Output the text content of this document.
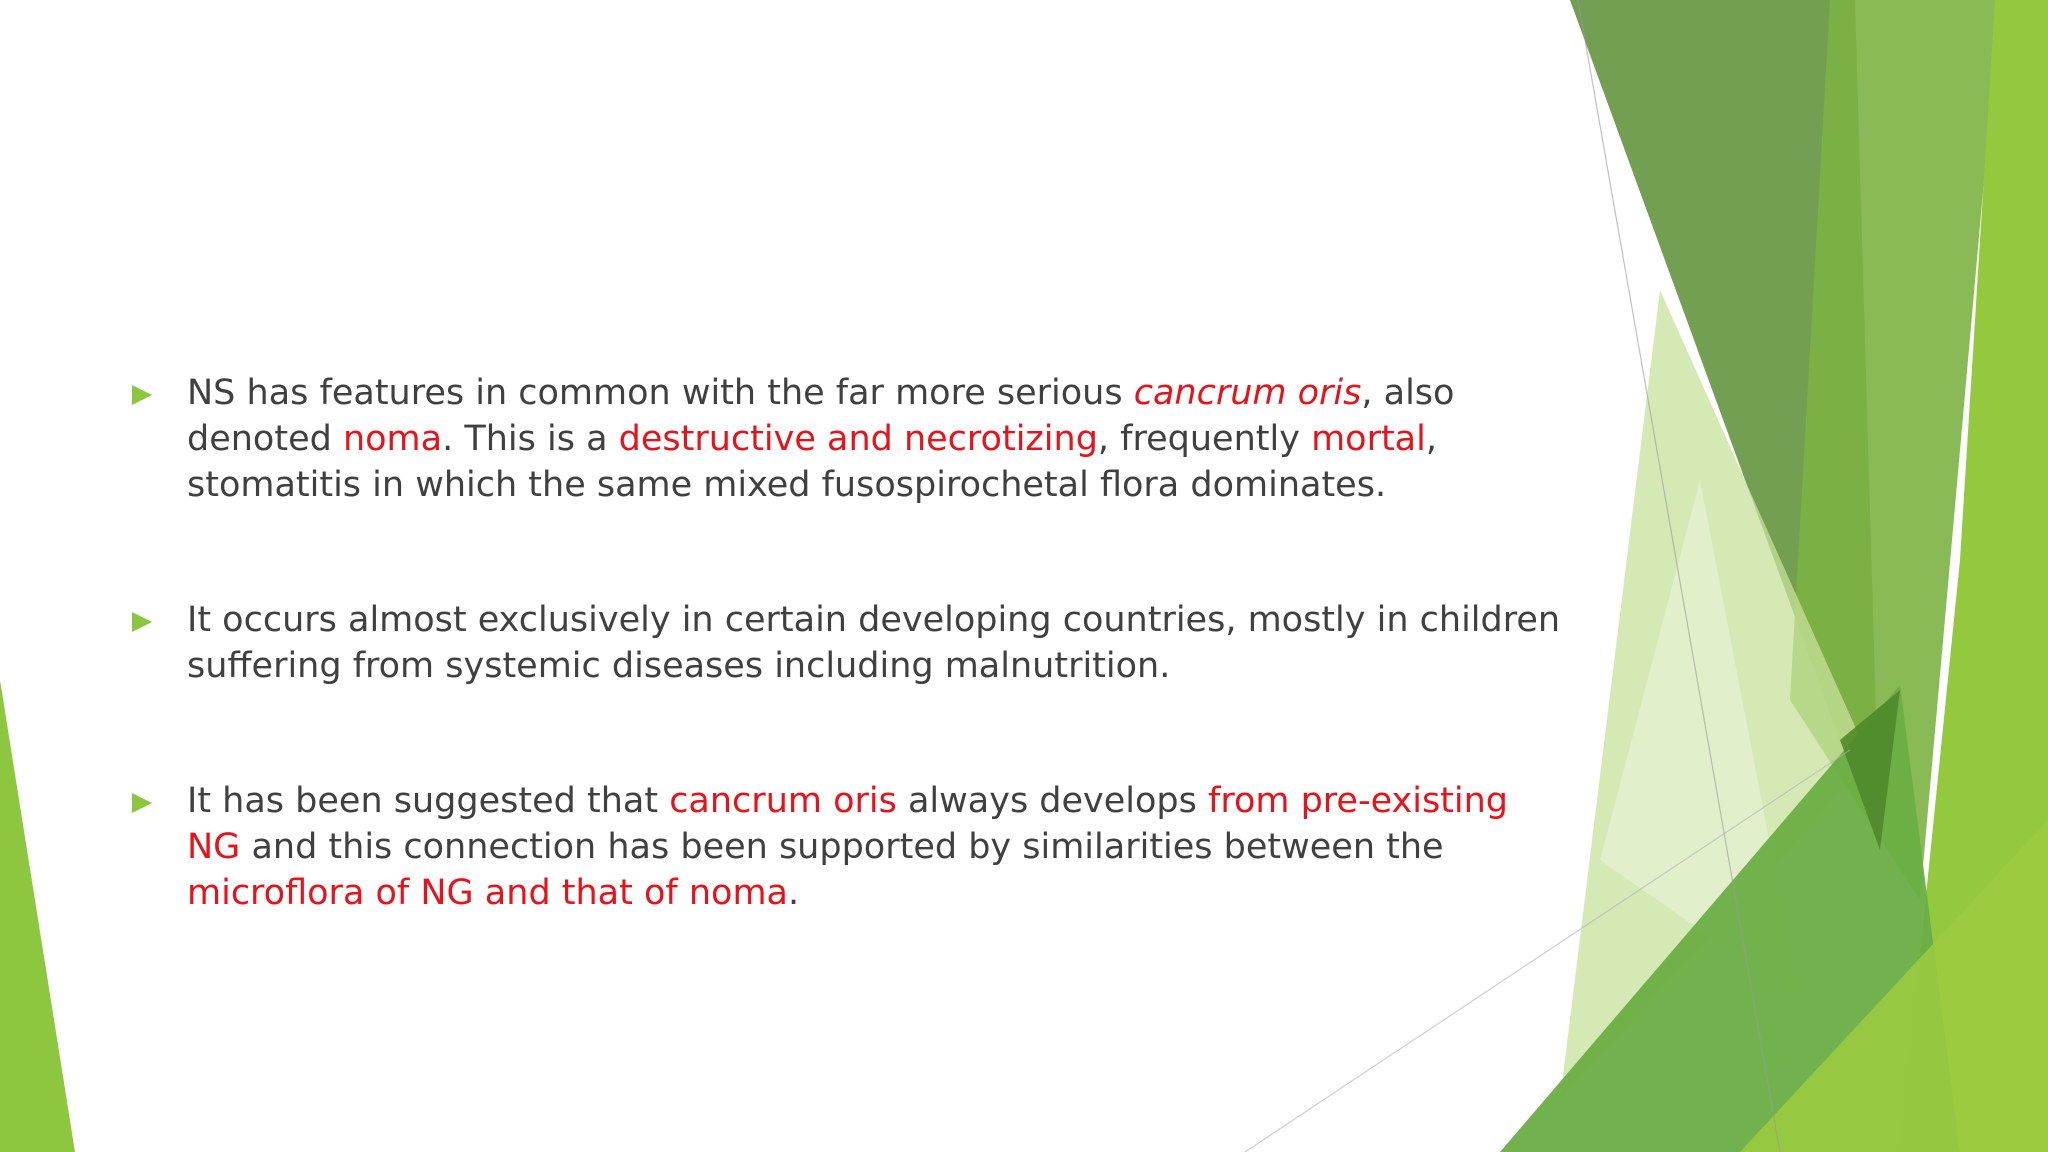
NS has features in common with the far more serious cancrum oris, also denoted noma. This is a destructive and necrotizing, frequently mortal, stomatitis in which the same mixed fusospirochetal flora dominates.
It occurs almost exclusively in certain developing countries, mostly in children suffering from systemic diseases including malnutrition.
It has been suggested that cancrum oris always develops from pre-existing NG and this connection has been supported by similarities between the microflora of NG and that of noma.
